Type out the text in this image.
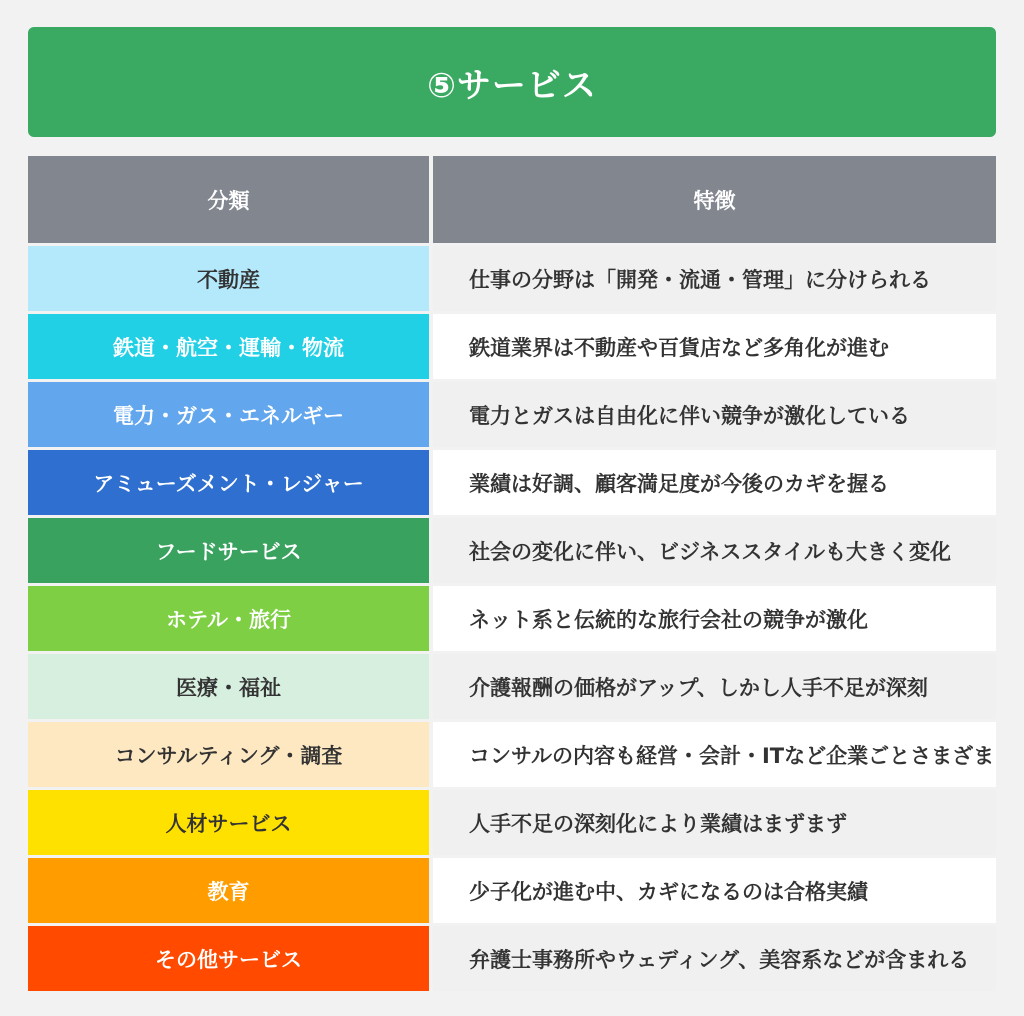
⑤サービス
分類	特徴
不動産	仕事の分野は「開発・流通・管理」に分けられる
鉄道・航空・運輸・物流	鉄道業界は不動産や百貨店など多角化が進む
電力・ガス・エネルギー	電力とガスは自由化に伴い競争が激化している
アミューズメント・レジャー	業績は好調、顧客満足度が今後のカギを握る
フードサービス	社会の変化に伴い、ビジネススタイルも大きく変化
ホテル・旅行	ネット系と伝統的な旅行会社の競争が激化
医療・福祉	介護報酬の価格がアップ、しかし人手不足が深刻
コンサルティング・調査	コンサルの内容も経営・会計・ITなど企業ごとさまざま
人材サービス	人手不足の深刻化により業績はまずまず
教育	少子化が進む中、カギになるのは合格実績
その他サービス	弁護士事務所やウェディング、美容系などが含まれる
